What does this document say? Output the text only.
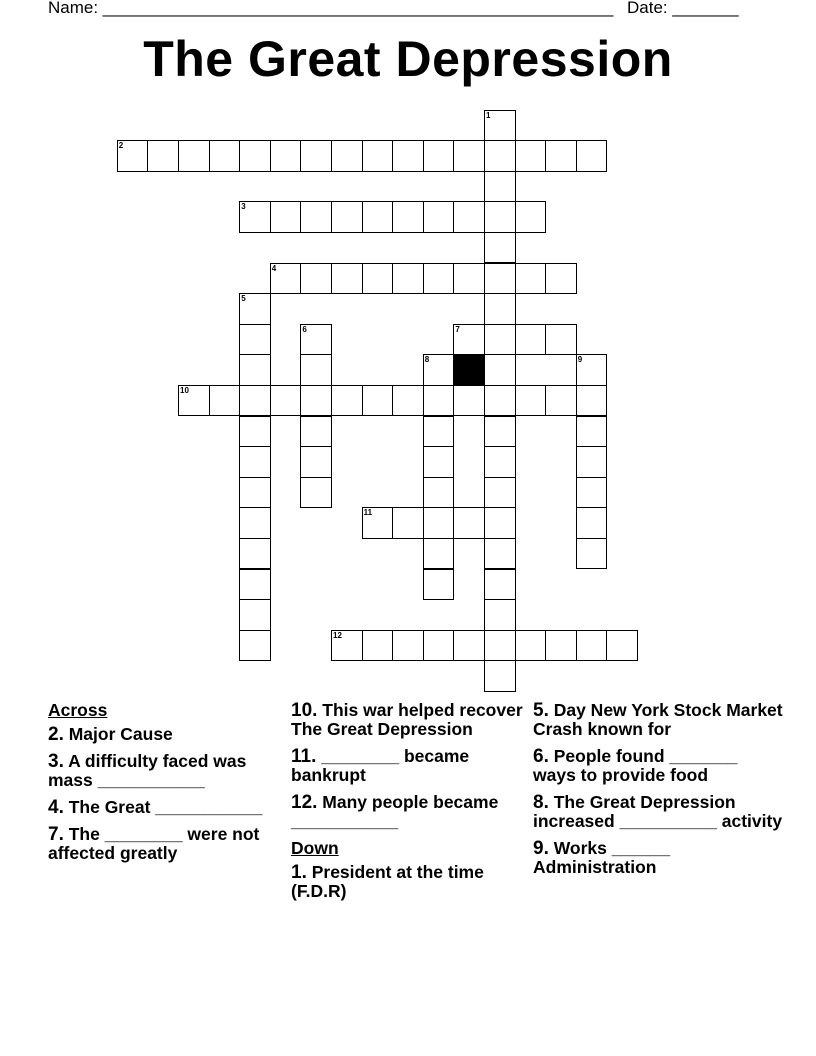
Name: ______________________________________________________ Date: _______
The Great Depression
1
2
3
4
5
6	7
8	9
10
11
12
Across
2. Major Cause
3. A difficulty faced was mass ___________
4. The Great ___________
7. The ________ were not affected greatly
10. This war helped recover The Great Depression
11. ________ became bankrupt
12. Many people became ___________
Down
1. President at the time (F.D.R)
5. Day New York Stock Market Crash known for
6. People found _______ ways to provide food
8. The Great Depression increased __________ activity
9. Works ______ Administration
